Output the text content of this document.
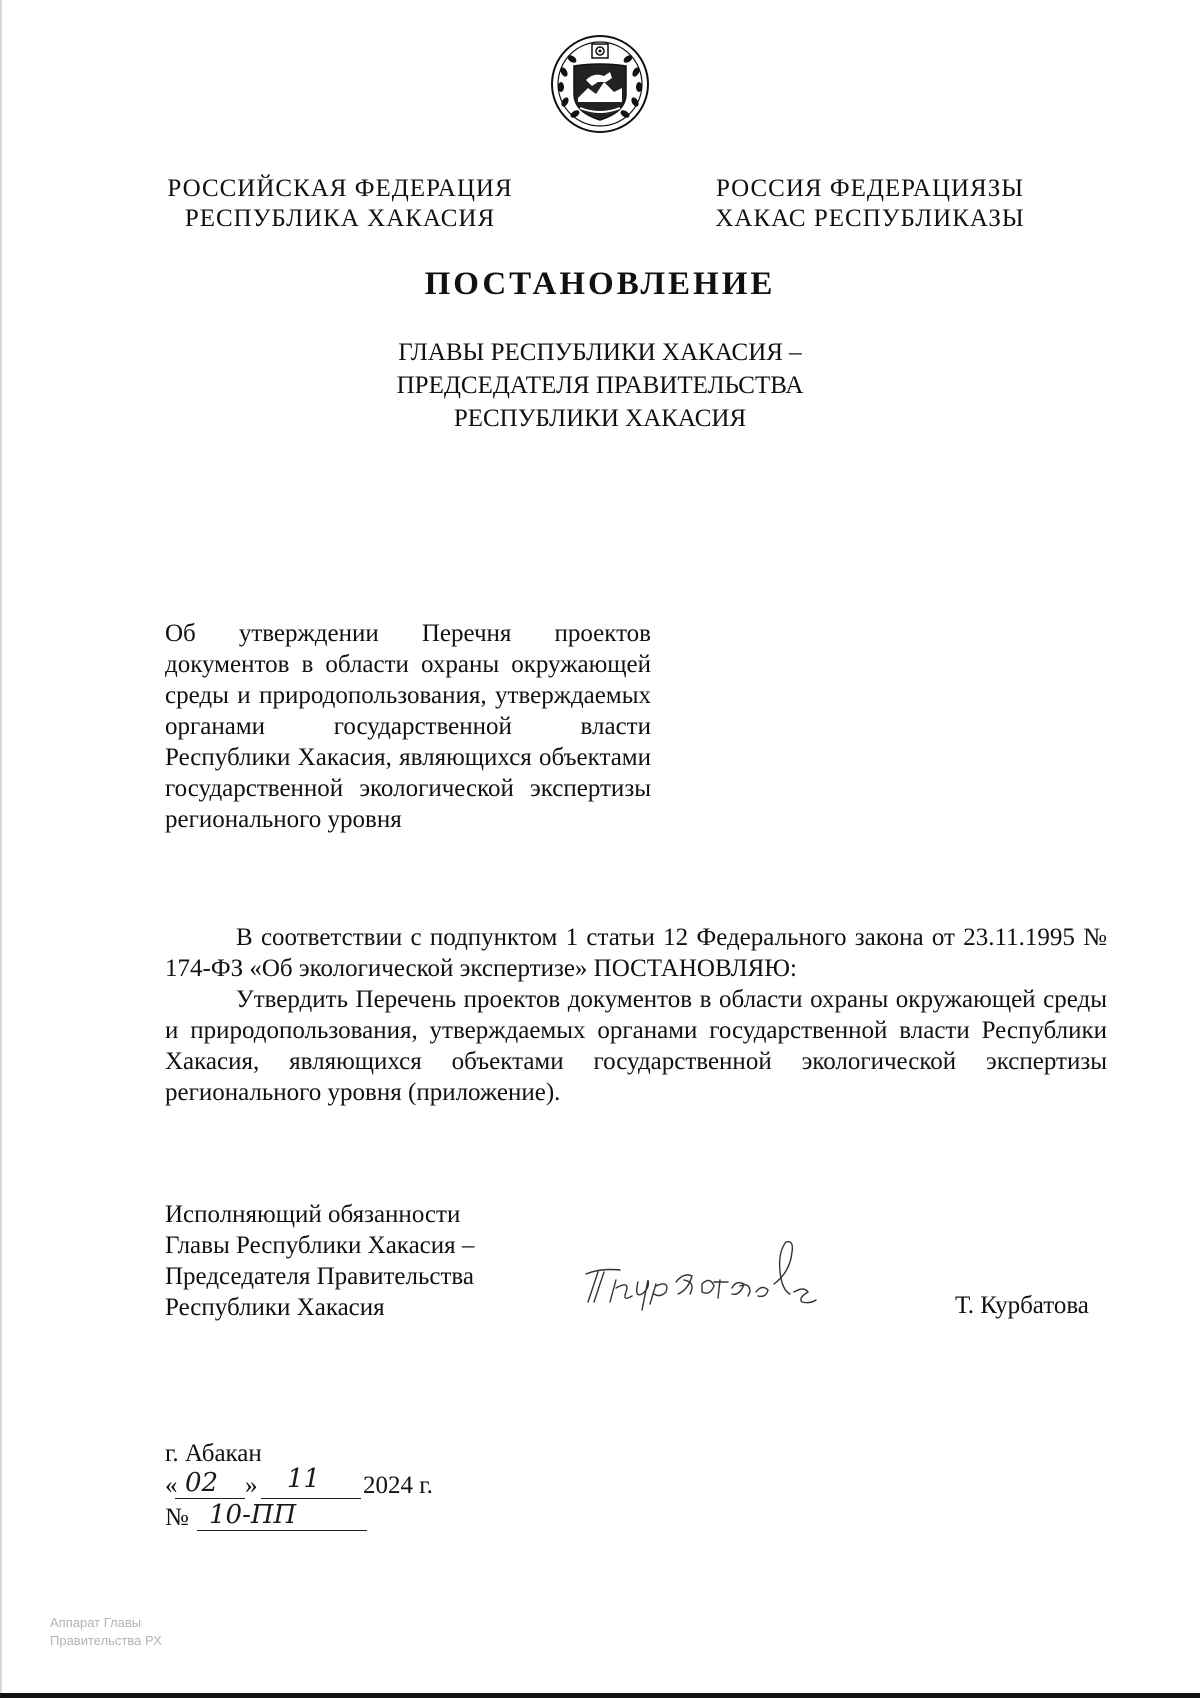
РОССИЙСКАЯ ФЕДЕРАЦИЯ
РЕСПУБЛИКА ХАКАСИЯ
РОССИЯ ФЕДЕРАЦИЯЗЫ
ХАКАС РЕСПУБЛИКАЗЫ
ПОСТАНОВЛЕНИЕ
ГЛАВЫ РЕСПУБЛИКИ ХАКАСИЯ –
ПРЕДСЕДАТЕЛЯ ПРАВИТЕЛЬСТВА
РЕСПУБЛИКИ ХАКАСИЯ
Об утверждении Перечня проектов документов в области охраны окружающей среды и природопользования, утверждаемых органами государственной власти Республики Хакасия, являющихся объектами государственной экологической экспертизы регионального уровня

В соответствии с подпунктом 1 статьи 12 Федерального закона от 23.11.1995 № 174-ФЗ «Об экологической экспертизе» ПОСТАНОВЛЯЮ:

Утвердить Перечень проектов документов в области охраны окружающей среды и природопользования, утверждаемых органами государственной власти Республики Хакасия, являющихся объектами государственной экологической экспертизы регионального уровня (приложение).

Исполняющий обязанности
Главы Республики Хакасия –
Председателя Правительства
Республики Хакасия	Т. Курбатова
г. Абакан
« 02 » 11 2024 г.
№ 10-ПП
Аппарат Главы
Правительства РХ
